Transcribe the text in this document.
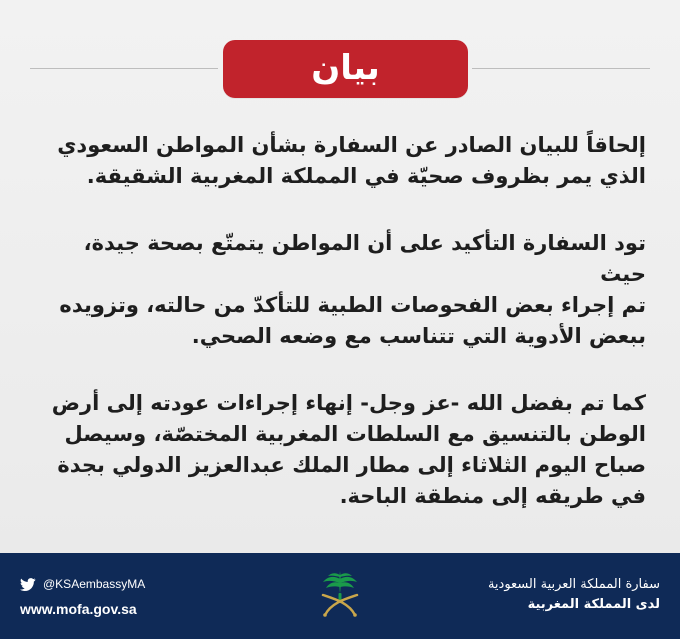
بيان

إلحاقاً للبيان الصادر عن السفارة بشأن المواطن السعودي
الذي يمر بظروف صحيّة في المملكة المغربية الشقيقة.

تود السفارة التأكيد على أن المواطن يتمتّع بصحة جيدة، حيث
تم إجراء بعض الفحوصات الطبية للتأكدّ من حالته، وتزويده
ببعض الأدوية التي تتناسب مع وضعه الصحي.

كما تم بفضل الله -عز وجل- إنهاء إجراءات عودته إلى أرض
الوطن بالتنسيق مع السلطات المغربية المختصّة، وسيصل
صباح اليوم الثلاثاء إلى مطار الملك عبدالعزيز الدولي بجدة
في طريقه إلى منطقة الباحة.

@KSAembassyMA
www.mofa.gov.sa
سفارة المملكة العربية السعودية
لدى المملكة المغربية
